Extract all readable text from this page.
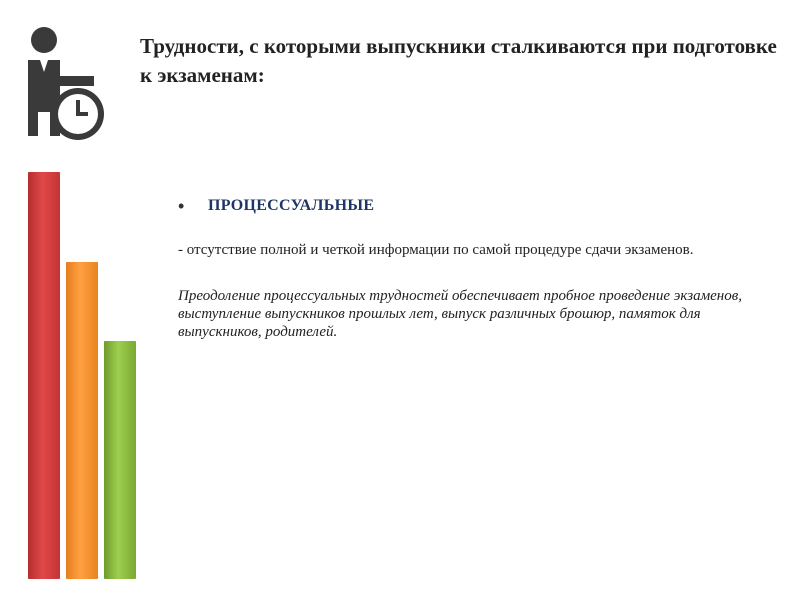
Трудности, с которыми выпускники сталкиваются при подготовке к экзаменам:
•	ПРОЦЕССУАЛЬНЫЕ
- отсутствие полной и четкой информации по самой процедуре сдачи экзаменов.
Преодоление процессуальных трудностей обеспечивает пробное проведение экзаменов, выступление выпускников прошлых лет, выпуск различных брошюр, памяток для выпускников, родителей.
